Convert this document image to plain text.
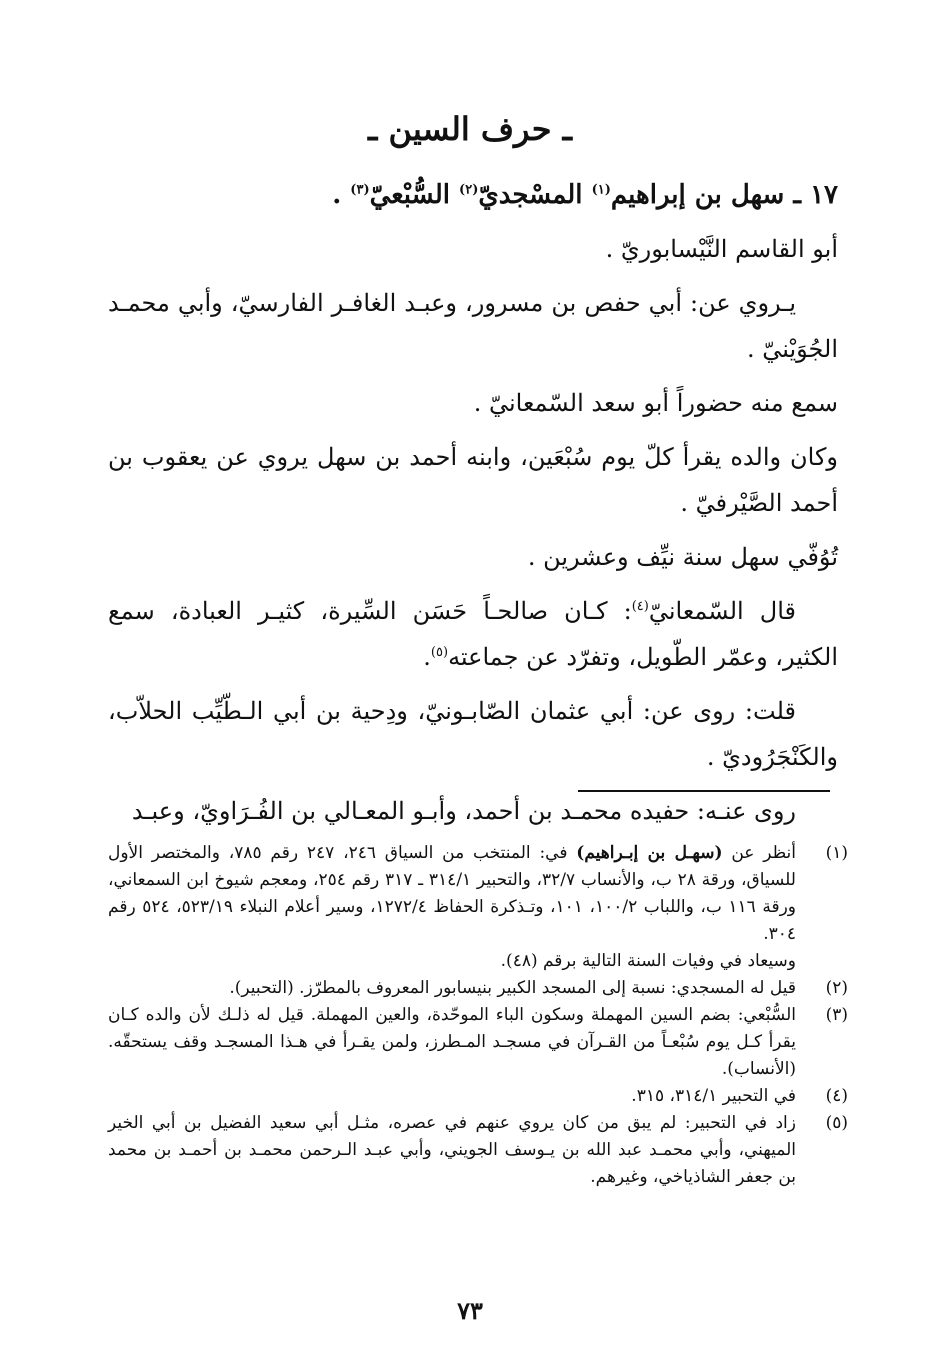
ـ حرف السين ـ

١٧ ـ سهل بن إبراهيم$^{(١)}$ المسْجديّ$^{(٢)}$ السُّبْعيّ$^{(٣)}$ .

أبو القاسم النَّيْسابوريّ .

يـروي عن: أبي حفص بن مسرور، وعبـد الغافـر الفارسيّ، وأبي محمـد الجُوَيْنيّ .

سمع منه حضوراً أبو سعد السّمعانيّ .

وكان والده يقرأ كلّ يوم سُبْعَين، وابنه أحمد بن سهل يروي عن يعقوب بن أحمد الصَّيْرفيّ .

تُوُفّي سهل سنة نيِّف وعشرين .

قال السّمعانيّ$^{(٤)}$: كـان صالحـاً حَسَن السِّيرة، كثيـر العبادة، سمع الكثير، وعمّر الطّويل، وتفرّد عن جماعته$^{(٥)}$.

قلت: روى عن: أبي عثمان الصّابـونيّ، ودِحية بن أبي الـطّيِّب الحلاّب، والكَنْجَرُوديّ .

روى عنـه: حفيده محمـد بن أحمد، وأبـو المعـالي بن الفُـرَاويّ، وعبـد

(١)
أنظر عن (سهـل بن إبـراهيم) في: المنتخب من السياق ٢٤٦، ٢٤٧ رقم ٧٨٥، والمختصر الأول للسياق، ورقة ٢٨ ب، والأنساب ٣٢/٧، والتحبير ٣١٤/١ ـ ٣١٧ رقم ٢٥٤، ومعجم شيوخ ابن السمعاني، ورقة ١١٦ ب، واللباب ١٠٠/٢، ١٠١، وتـذكرة الحفاظ ١٢٧٢/٤، وسير أعلام النبلاء ٥٢٣/١٩، ٥٢٤ رقم ٣٠٤.
وسيعاد في وفيات السنة التالية برقم (٤٨).
(٢)
قيل له المسجدي: نسبة إلى المسجد الكبير بنيسابور المعروف بالمطرّز. (التحبير).
(٣)
السُّبْعي: بضم السين المهملة وسكون الباء الموحّدة، والعين المهملة. قيل له ذلـك لأن والده كـان يقرأ كـل يوم سُبْعـاً من القـرآن في مسجـد المـطرز، ولمن يقـرأ في هـذا المسجـد وقف يستحقّه. (الأنساب).
(٤)
في التحبير ٣١٤/١، ٣١٥.
(٥)
زاد في التحبير: لم يبق من كان يروي عنهم في عصره، مثـل أبي سعيد الفضيل بن أبي الخير الميهني، وأبي محمـد عبد الله بن يـوسف الجويني، وأبي عبـد الـرحمن محمـد بن أحمـد بن محمد بن جعفر الشاذياخي، وغيرهم.
٧٣
